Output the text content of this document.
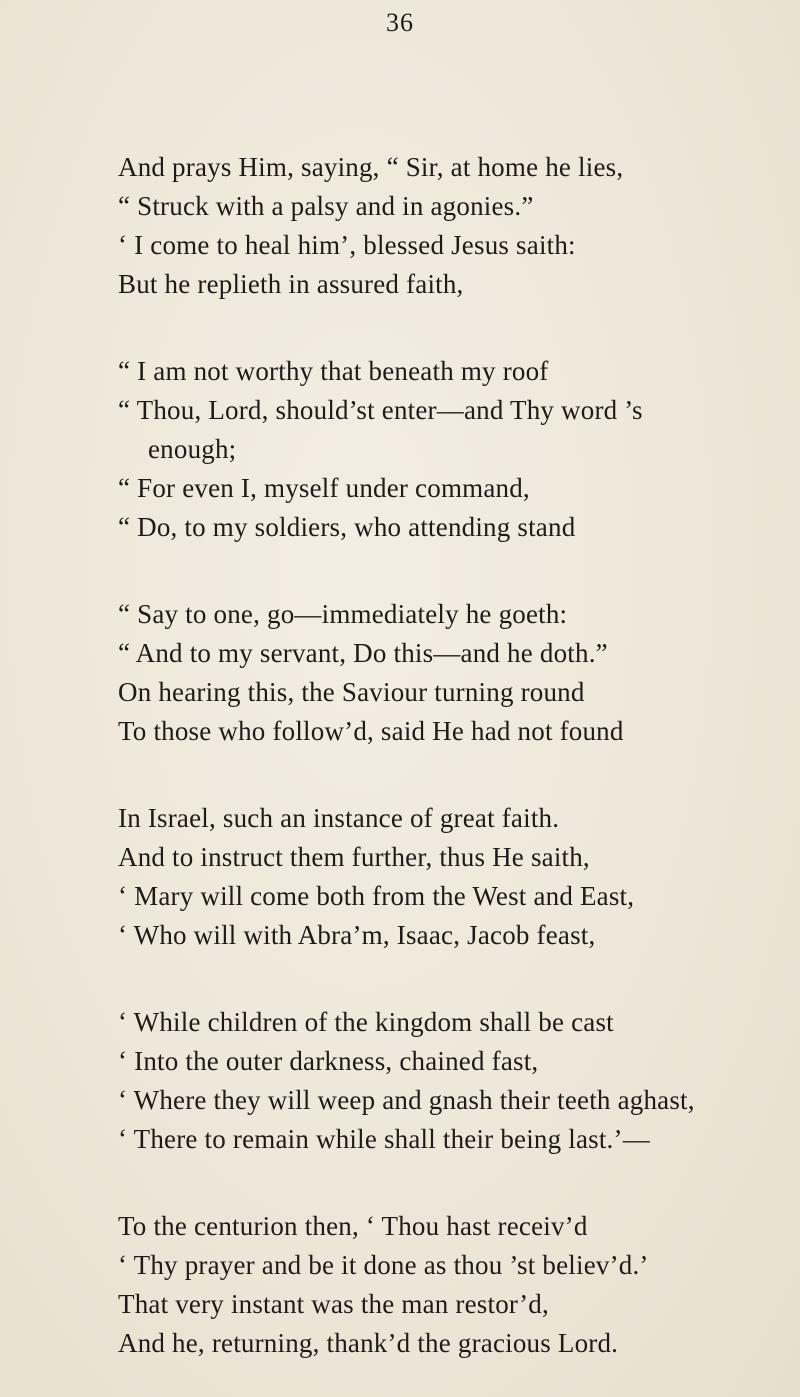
36
And prays Him, saying, “ Sir, at home he lies,
“ Struck with a palsy and in agonies.”
‘ I come to heal him’, blessed Jesus saith:
But he replieth in assured faith,
“ I am not worthy that beneath my roof
“ Thou, Lord, should’st enter—and Thy word ’s
enough;
“ For even I, myself under command,
“ Do, to my soldiers, who attending stand
“ Say to one, go—immediately he goeth:
“ And to my servant, Do this—and he doth.”
On hearing this, the Saviour turning round
To those who follow’d, said He had not found
In Israel, such an instance of great faith.
And to instruct them further, thus He saith,
‘ Mary will come both from the West and East,
‘ Who will with Abra’m, Isaac, Jacob feast,
‘ While children of the kingdom shall be cast
‘ Into the outer darkness, chained fast,
‘ Where they will weep and gnash their teeth aghast,
‘ There to remain while shall their being last.’—
To the centurion then, ‘ Thou hast receiv’d
‘ Thy prayer and be it done as thou ’st believ’d.’
That very instant was the man restor’d,
And he, returning, thank’d the gracious Lord.
